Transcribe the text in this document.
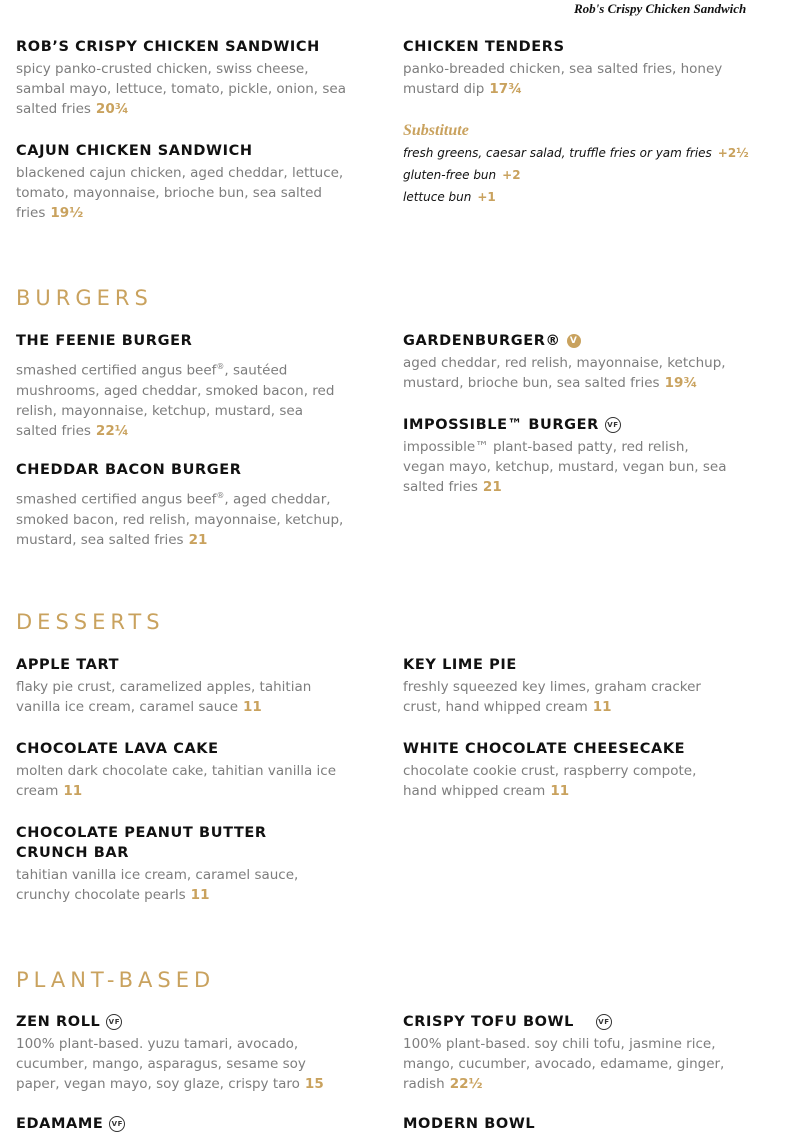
Rob's Crispy Chicken Sandwich
ROB’S CRISPY CHICKEN SANDWICH
spicy panko-crusted chicken, swiss cheese, sambal mayo, lettuce, tomato, pickle, onion, sea salted fries 20¾
CAJUN CHICKEN SANDWICH
blackened cajun chicken, aged cheddar, lettuce, tomato, mayonnaise, brioche bun, sea salted fries 19½
CHICKEN TENDERS
panko-breaded chicken, sea salted fries, honey mustard dip 17¾
Substitute
fresh greens, caesar salad, truffle fries or yam fries +2½
gluten-free bun +2
lettuce bun +1
BURGERS
THE FEENIE BURGER
smashed certified angus beef®, sautéed mushrooms, aged cheddar, smoked bacon, red relish, mayonnaise, ketchup, mustard, sea salted fries 22¼
CHEDDAR BACON BURGER
smashed certified angus beef®, aged cheddar, smoked bacon, red relish, mayonnaise, ketchup, mustard, sea salted fries 21
GARDENBURGER® V
aged cheddar, red relish, mayonnaise, ketchup, mustard, brioche bun, sea salted fries 19¾
IMPOSSIBLE™ BURGER VF
impossible™ plant-based patty, red relish, vegan mayo, ketchup, mustard, vegan bun, sea salted fries 21
DESSERTS
APPLE TART
flaky pie crust, caramelized apples, tahitian vanilla ice cream, caramel sauce 11
CHOCOLATE LAVA CAKE
molten dark chocolate cake, tahitian vanilla ice cream 11
CHOCOLATE PEANUT BUTTER
CRUNCH BAR
tahitian vanilla ice cream, caramel sauce, crunchy chocolate pearls 11
KEY LIME PIE
freshly squeezed key limes, graham cracker crust, hand whipped cream 11
WHITE CHOCOLATE CHEESECAKE
chocolate cookie crust, raspberry compote, hand whipped cream 11
PLANT-BASED
ZEN ROLL VF
100% plant-based. yuzu tamari, avocado, cucumber, mango, asparagus, sesame soy paper, vegan mayo, soy glaze, crispy taro 15
CRISPY TOFU BOWL	VF
100% plant-based. soy chili tofu, jasmine rice, mango, cucumber, avocado, edamame, ginger, radish 22½
EDAMAME VF	MODERN BOWL
